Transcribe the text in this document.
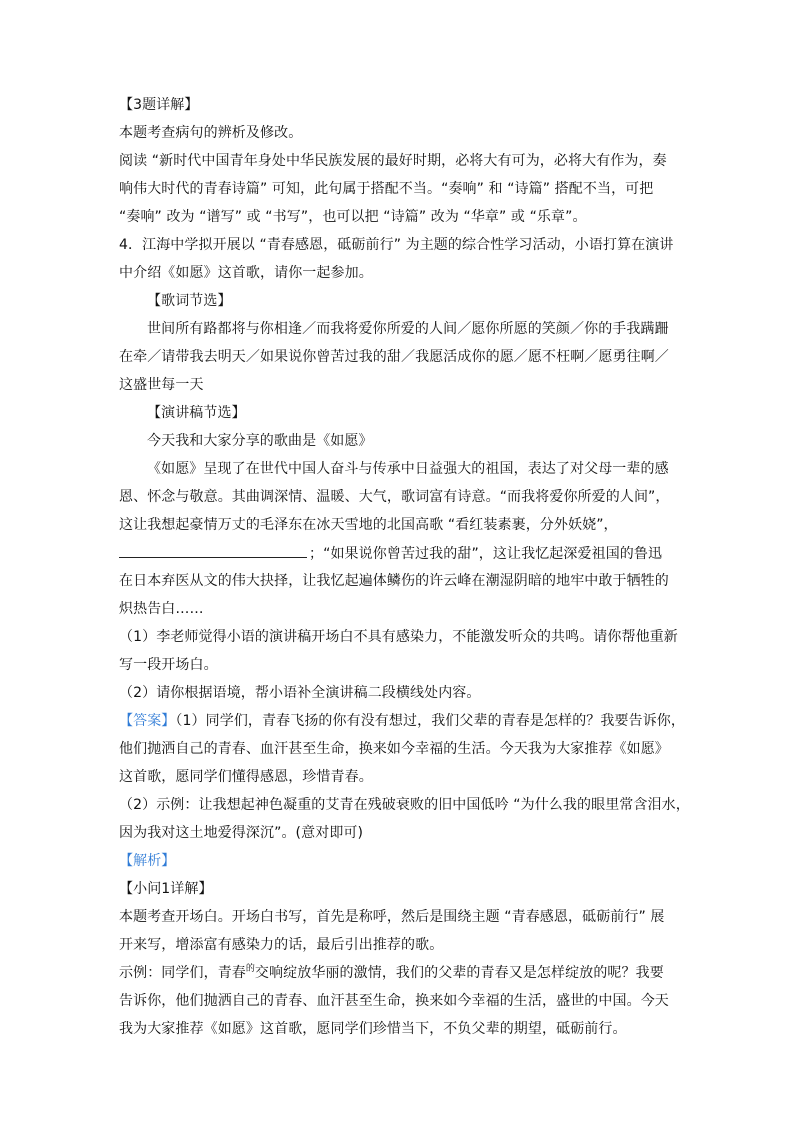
【3题详解】
本题考查病句的辨析及修改。
阅读 “新时代中国青年身处中华民族发展的最好时期，必将大有可为，必将大有作为，奏
响伟大时代的青春诗篇” 可知，此句属于搭配不当。“奏响” 和 “诗篇” 搭配不当，可把
“奏响” 改为 “谱写” 或 “书写”，也可以把 “诗篇” 改为 “华章” 或 “乐章”。
4．江海中学拟开展以 “青春感恩，砥砺前行” 为主题的综合性学习活动，小语打算在演讲
中介绍《如愿》这首歌，请你一起参加。
【歌词节选】
世间所有路都将与你相逢／而我将爱你所爱的人间／愿你所愿的笑颜／你的手我蹒跚
在牵／请带我去明天／如果说你曾苦过我的甜／我愿活成你的愿／愿不枉啊／愿勇往啊／
这盛世每一天
【演讲稿节选】
今天我和大家分享的歌曲是《如愿》
《如愿》呈现了在世代中国人奋斗与传承中日益强大的祖国，表达了对父母一辈的感
恩、怀念与敬意。其曲调深情、温暖、大气，歌词富有诗意。“而我将爱你所爱的人间”，
这让我想起豪情万丈的毛泽东在冰天雪地的北国高歌 “看红装素裹，分外妖娆”，
；“如果说你曾苦过我的甜”，这让我忆起深爱祖国的鲁迅
在日本弃医从文的伟大抉择，让我忆起遍体鳞伤的许云峰在潮湿阴暗的地牢中敢于牺牲的
炽热告白……
（1）李老师觉得小语的演讲稿开场白不具有感染力，不能激发听众的共鸣。请你帮他重新
写一段开场白。
（2）请你根据语境，帮小语补全演讲稿二段横线处内容。
【答案】（1）同学们，青春飞扬的你有没有想过，我们父辈的青春是怎样的？我要告诉你，
他们抛洒自己的青春、血汗甚至生命，换来如今幸福的生活。今天我为大家推荐《如愿》
这首歌，愿同学们懂得感恩，珍惜青春。
（2）示例：让我想起神色凝重的艾青在残破衰败的旧中国低吟 “为什么我的眼里常含泪水，
因为我对这土地爱得深沉”。(意对即可)
【解析】
【小问1详解】
本题考查开场白。开场白书写，首先是称呼，然后是围绕主题 “青春感恩，砥砺前行” 展
开来写，增添富有感染力的话，最后引出推荐的歌。
示例：同学们，青春$^的$交响绽放华丽的激情，我们的父辈的青春又是怎样绽放的呢？我要
告诉你，他们抛洒自己的青春、血汗甚至生命，换来如今幸福的生活，盛世的中国。今天
我为大家推荐《如愿》这首歌，愿同学们珍惜当下，不负父辈的期望，砥砺前行。
